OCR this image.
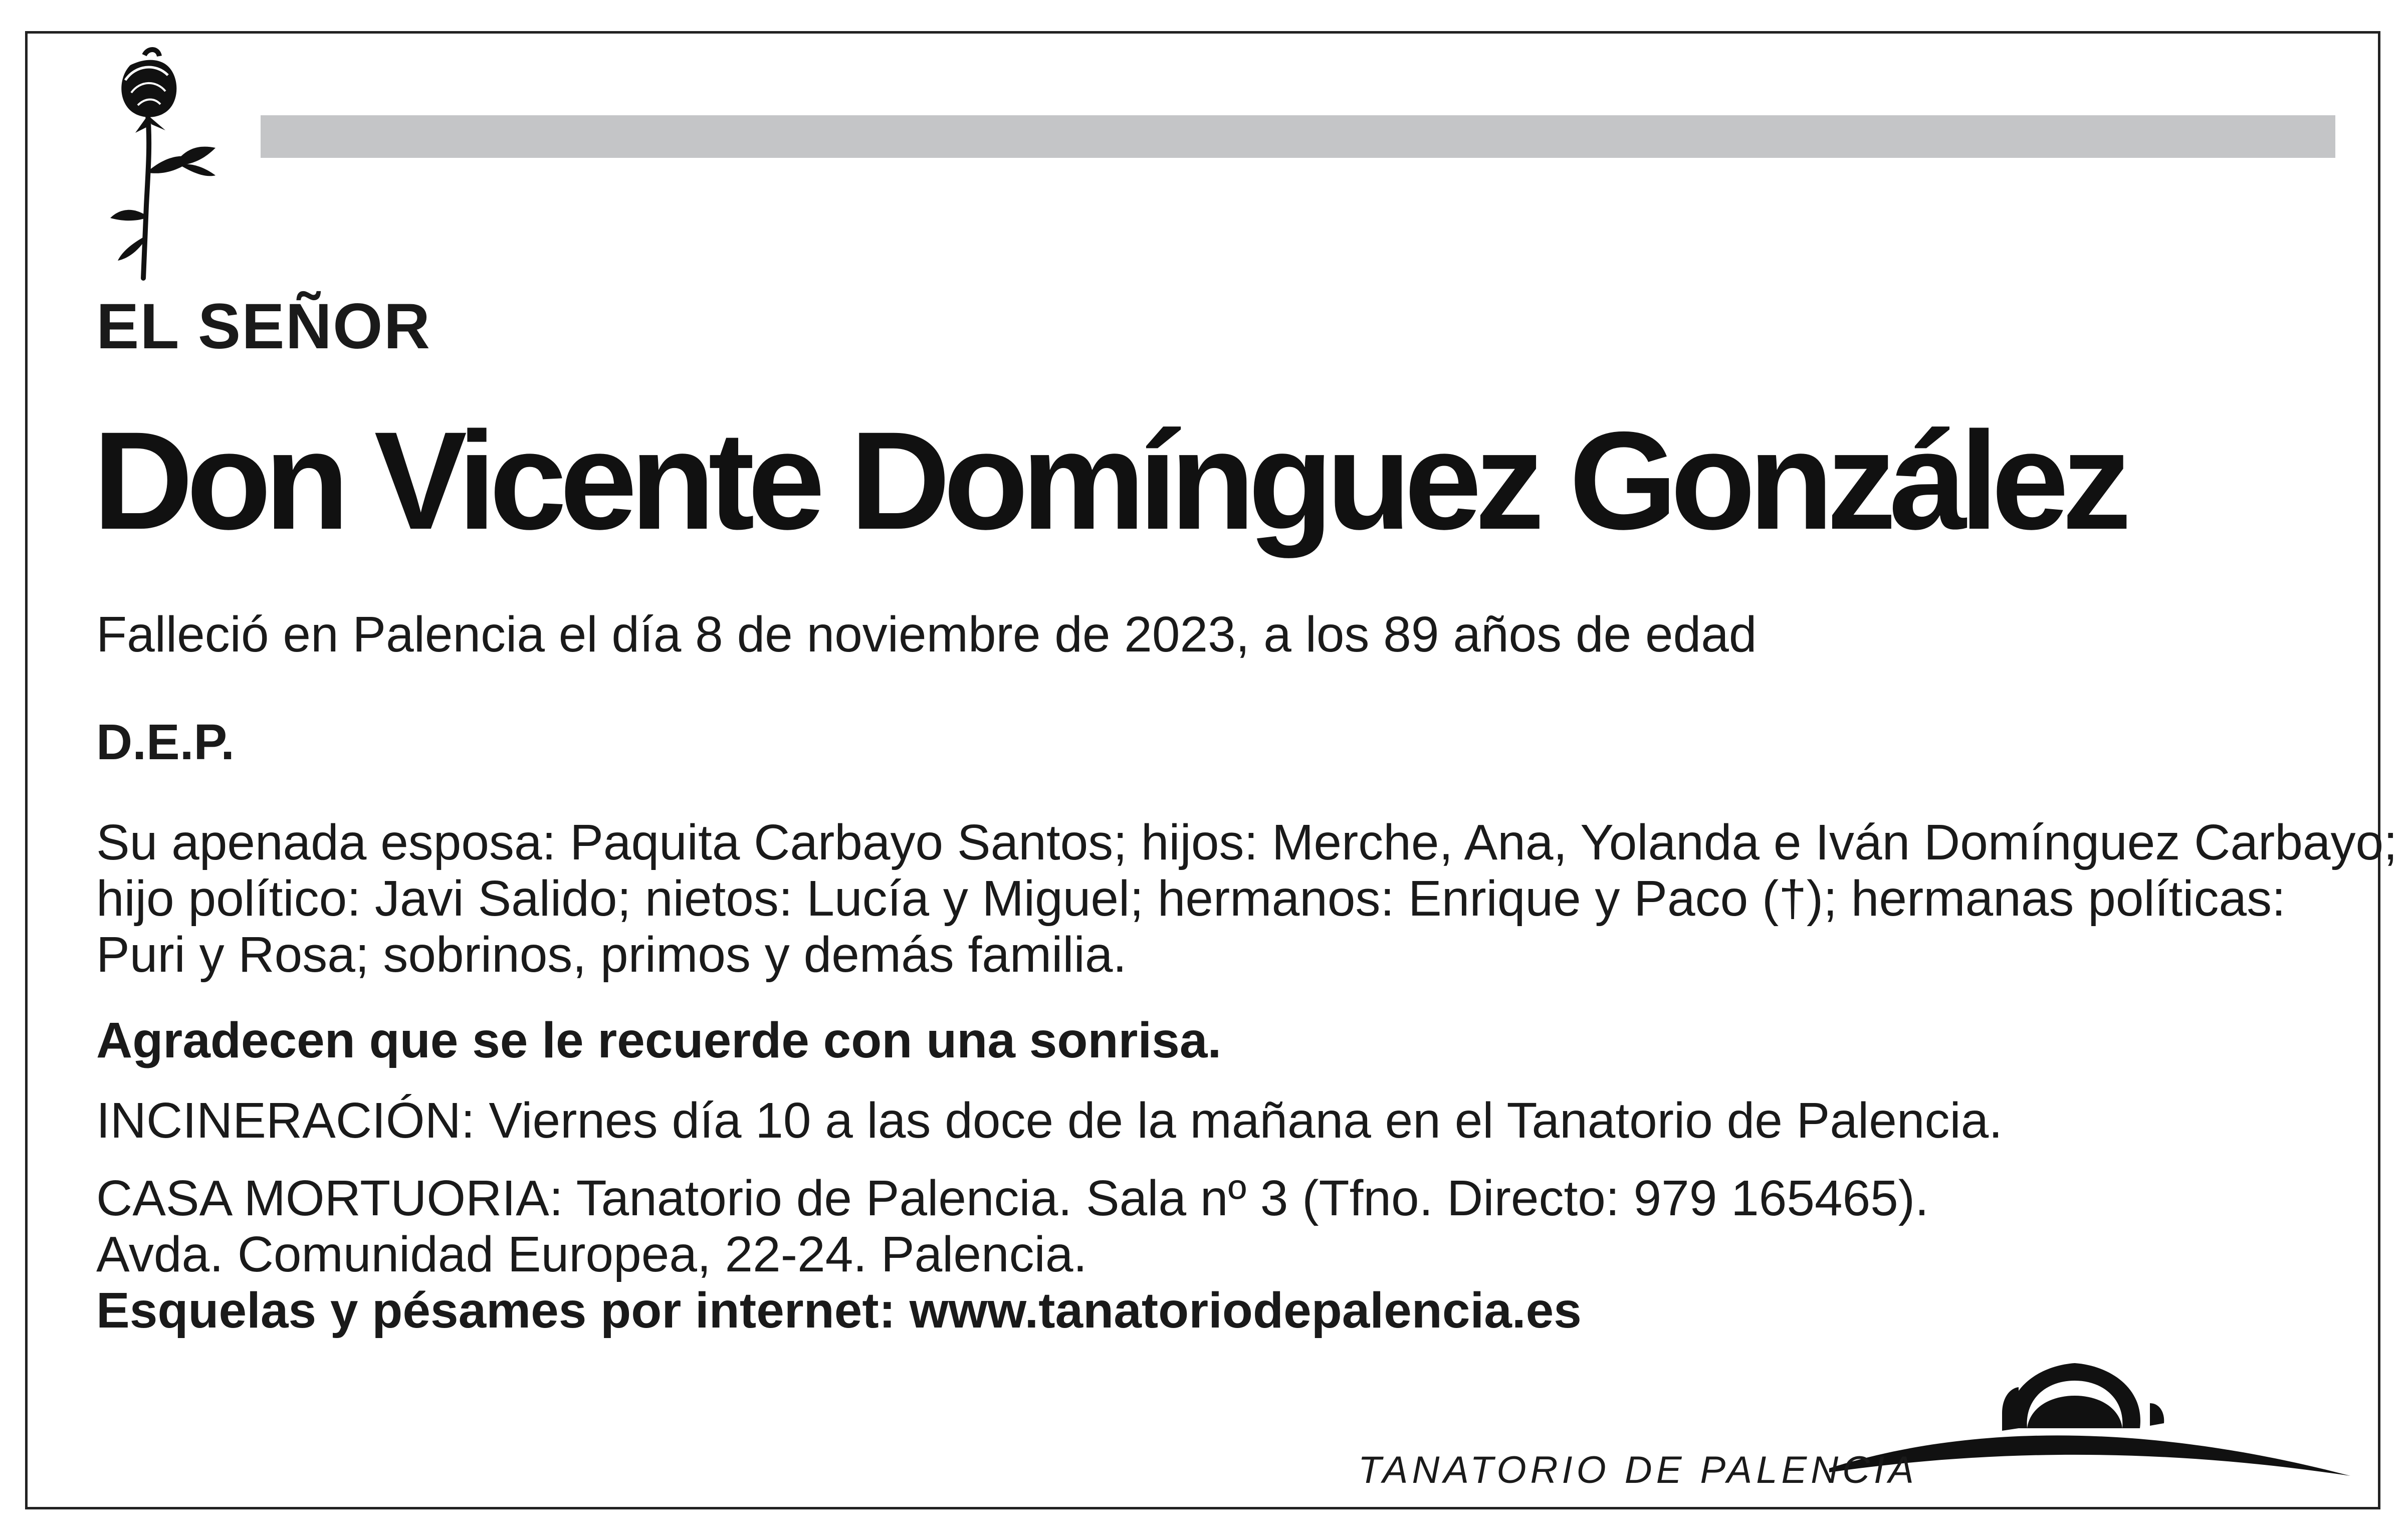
EL SEÑOR
Don Vicente Domínguez González
Falleció en Palencia el día 8 de noviembre de 2023, a los 89 años de edad
D.E.P.
Su apenada esposa: Paquita Carbayo Santos; hijos: Merche, Ana, Yolanda e Iván Domínguez Carbayo;
hijo político: Javi Salido; nietos: Lucía y Miguel; hermanos: Enrique y Paco (†); hermanas políticas:
Puri y Rosa; sobrinos, primos y demás familia.
Agradecen que se le recuerde con una sonrisa.
INCINERACIÓN: Viernes día 10 a las doce de la mañana en el Tanatorio de Palencia.
CASA MORTUORIA: Tanatorio de Palencia. Sala nº 3 (Tfno. Directo: 979 165465).
Avda. Comunidad Europea, 22-24. Palencia.
Esquelas y pésames por internet: www.tanatoriodepalencia.es
TANATORIO DE PALENCIA
